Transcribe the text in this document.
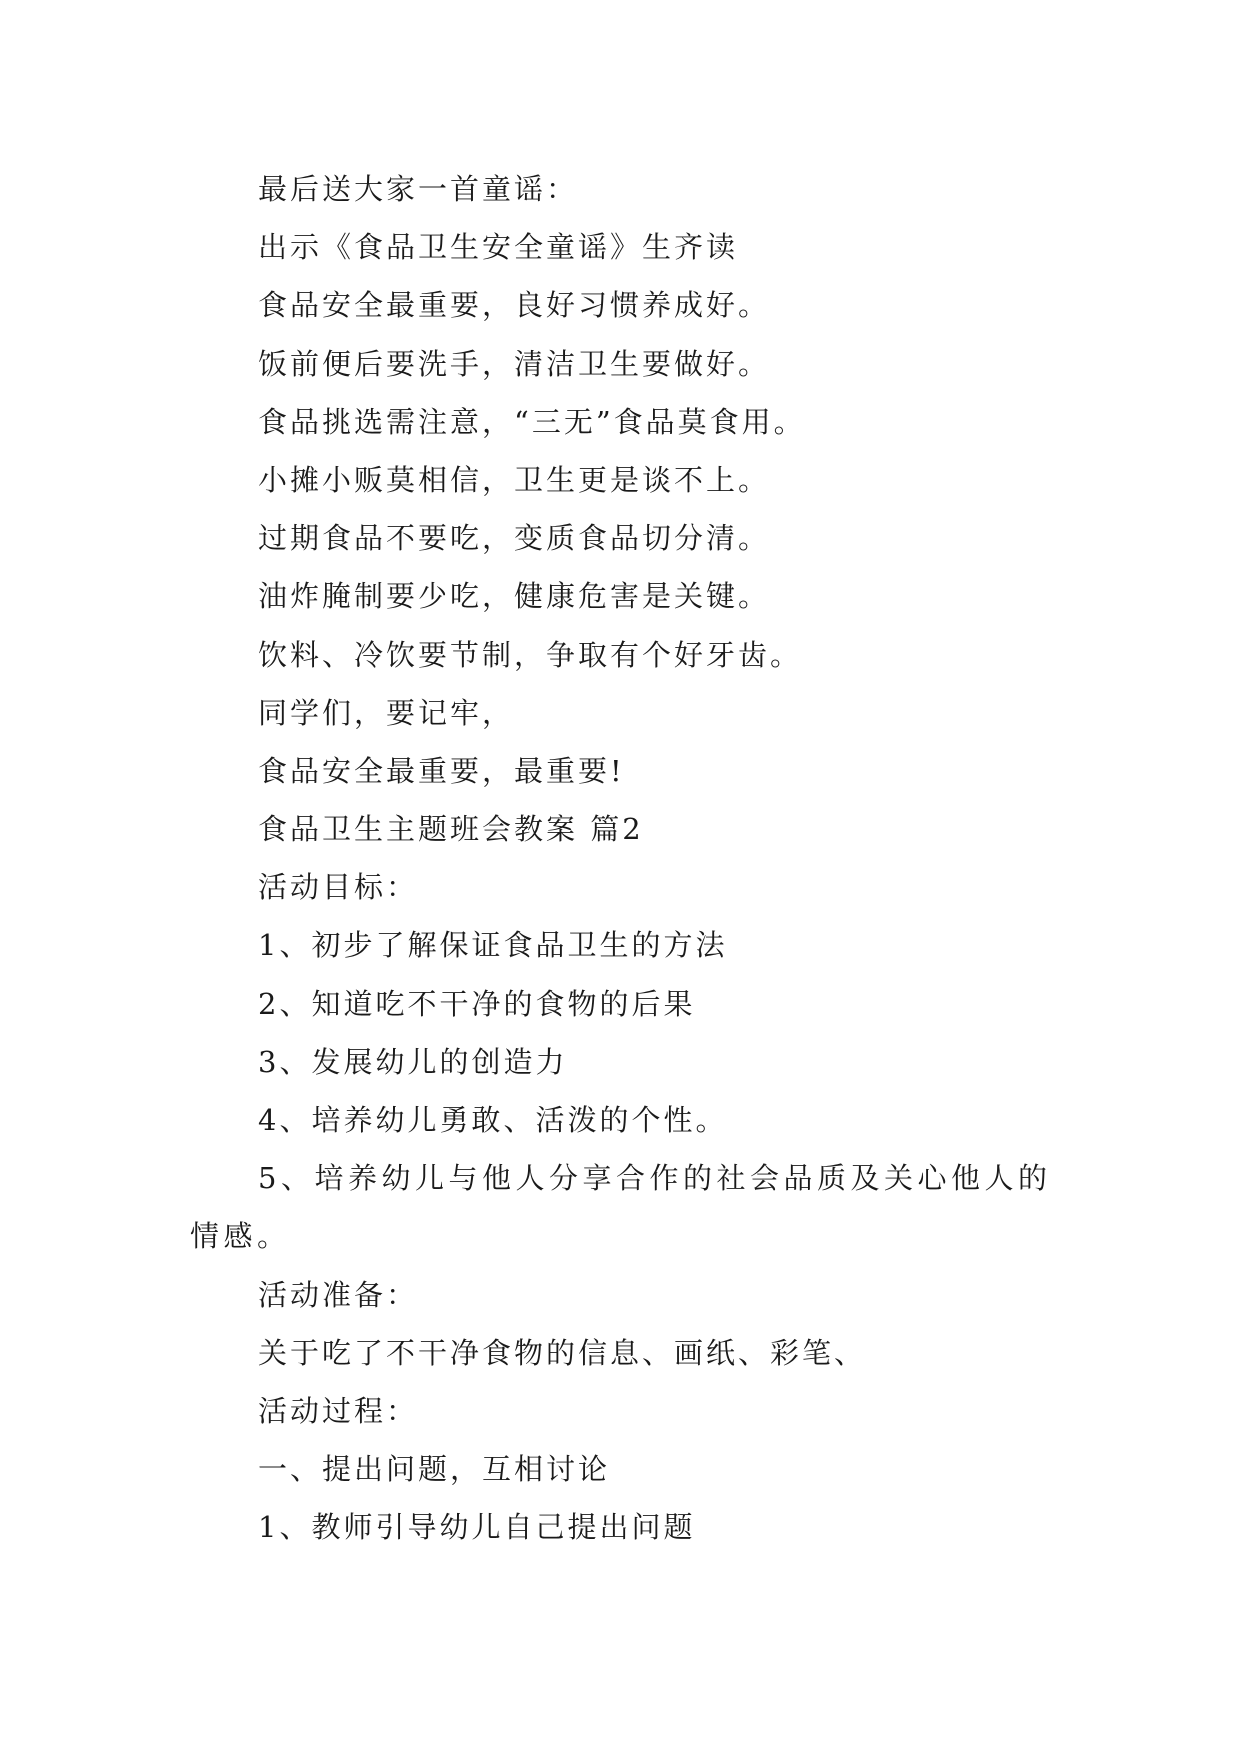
最后送大家一首童谣：
出示《食品卫生安全童谣》生齐读
食品安全最重要，良好习惯养成好。
饭前便后要洗手，清洁卫生要做好。
食品挑选需注意，“三无”食品莫食用。
小摊小贩莫相信，卫生更是谈不上。
过期食品不要吃，变质食品切分清。
油炸腌制要少吃，健康危害是关键。
饮料、冷饮要节制，争取有个好牙齿。
同学们，要记牢，
食品安全最重要，最重要!
食品卫生主题班会教案 篇2
活动目标：
1、初步了解保证食品卫生的方法
2、知道吃不干净的食物的后果
3、发展幼儿的创造力
4、培养幼儿勇敢、活泼的个性。
5、培养幼儿与他人分享合作的社会品质及关心他人的情感。
活动准备：
关于吃了不干净食物的信息、画纸、彩笔、
活动过程：
一、提出问题，互相讨论
1、教师引导幼儿自己提出问题
